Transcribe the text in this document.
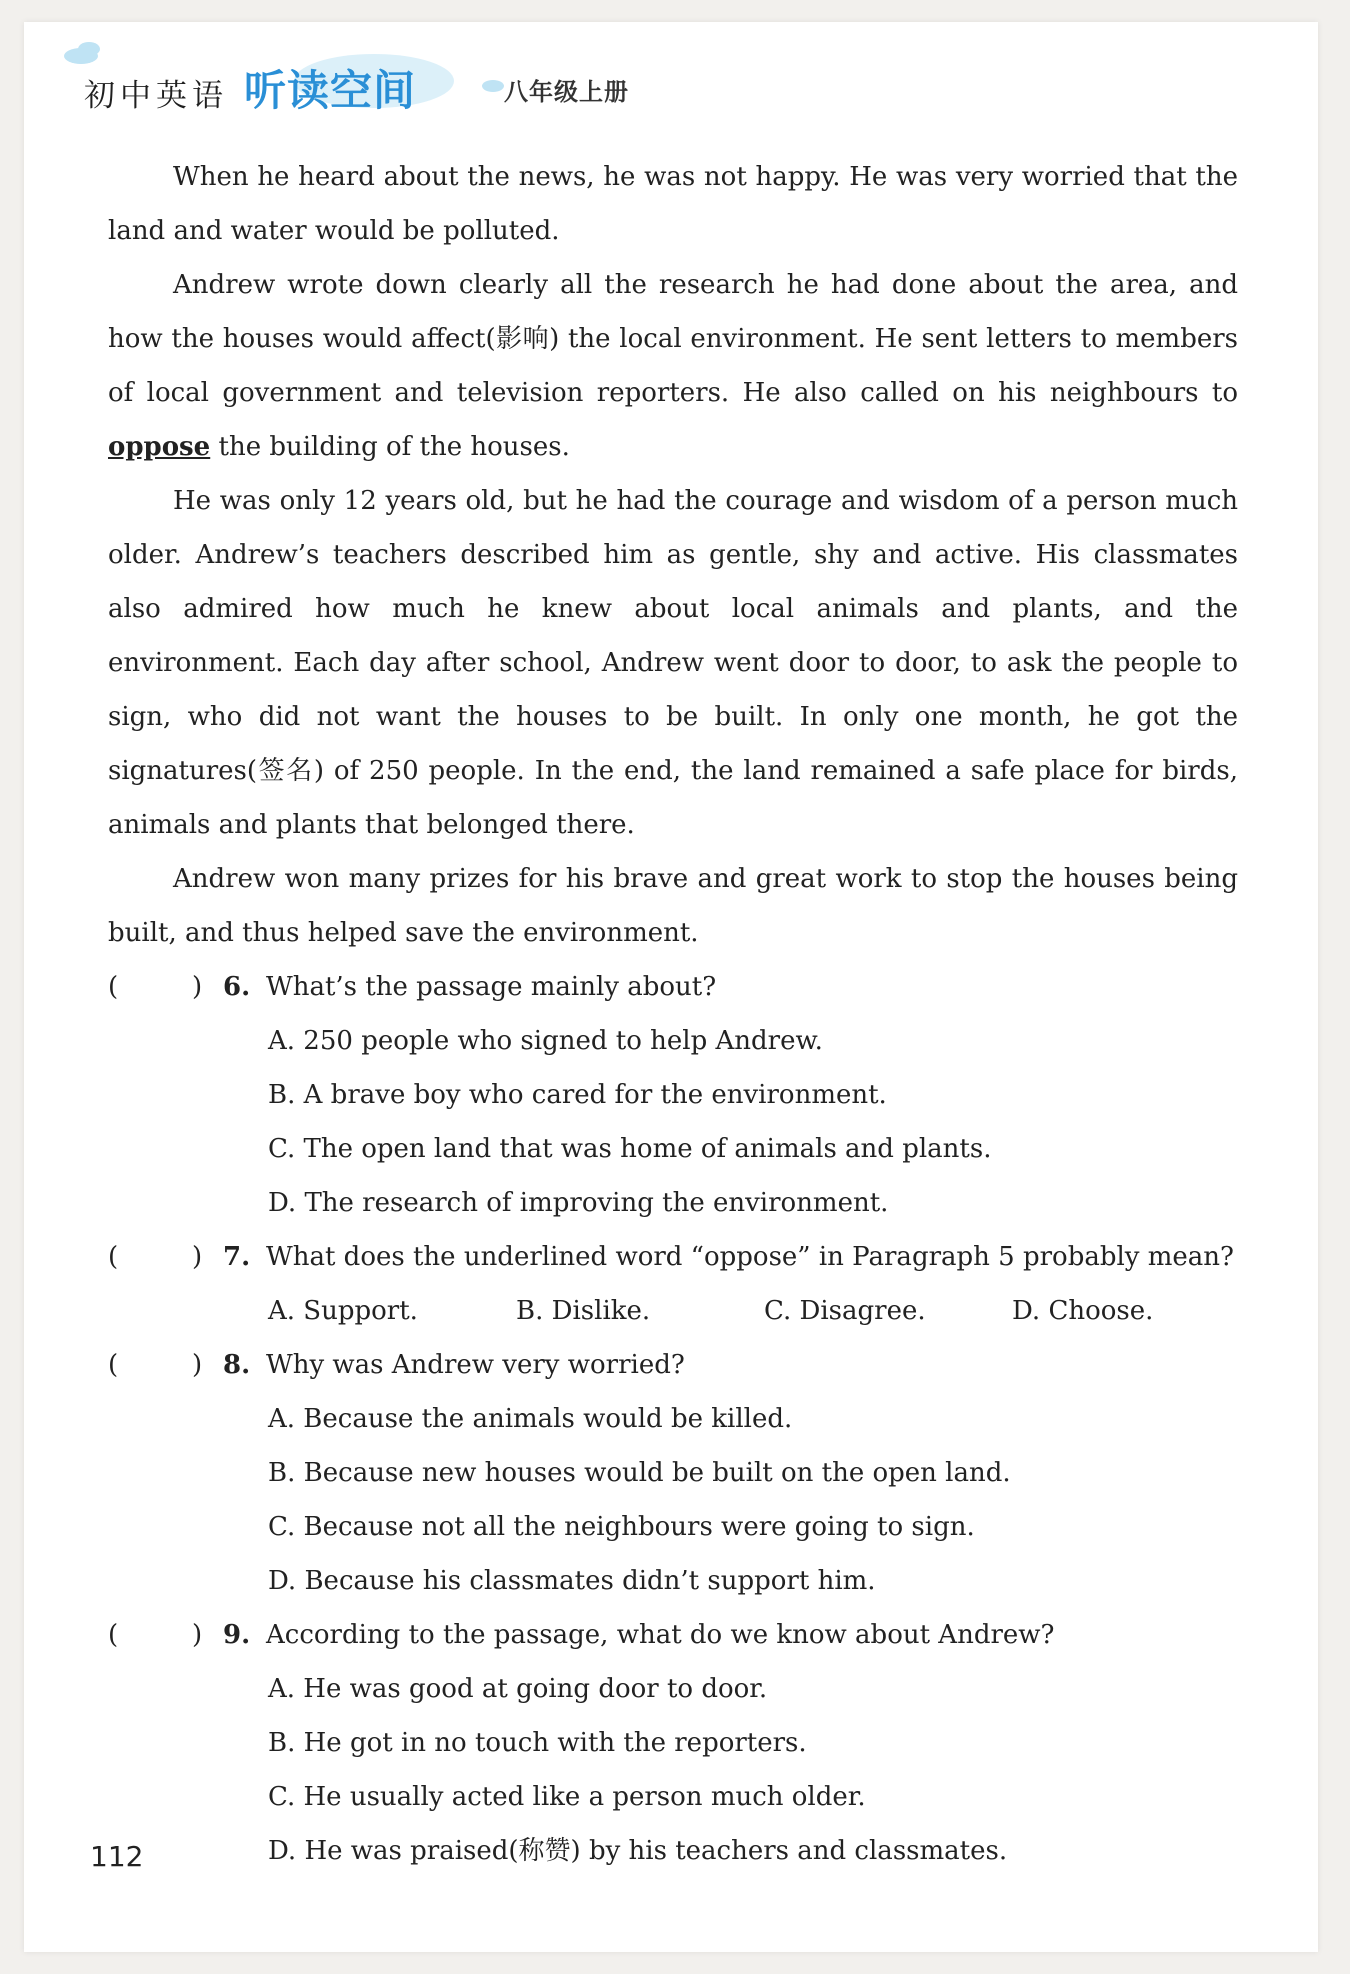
初中英语 听读空间	八年级上册

When he heard about the news, he was not happy. He was very worried that the land and water would be polluted.

Andrew wrote down clearly all the research he had done about the area, and how the houses would affect(影响) the local environment. He sent letters to members of local government and television reporters. He also called on his neighbours to oppose the building of the houses.

He was only 12 years old, but he had the courage and wisdom of a person much older. Andrew’s teachers described him as gentle, shy and active. His classmates also admired how much he knew about local animals and plants, and the environment. Each day after school, Andrew went door to door, to ask the people to sign, who did not want the houses to be built. In only one month, he got the signatures(签名) of 250 people. In the end, the land remained a safe place for birds, animals and plants that belonged there.

Andrew won many prizes for his brave and great work to stop the houses being built, and thus helped save the environment.

(	) 6. What’s the passage mainly about?
A. 250 people who signed to help Andrew.
B. A brave boy who cared for the environment.
C. The open land that was home of animals and plants.
D. The research of improving the environment.
(	) 7. What does the underlined word “oppose” in Paragraph 5 probably mean?
A. Support.	B. Dislike.	C. Disagree.	D. Choose.
(	) 8. Why was Andrew very worried?
A. Because the animals would be killed.
B. Because new houses would be built on the open land.
C. Because not all the neighbours were going to sign.
D. Because his classmates didn’t support him.
(	) 9. According to the passage, what do we know about Andrew?
A. He was good at going door to door.
B. He got in no touch with the reporters.
C. He usually acted like a person much older.
D. He was praised(称赞) by his teachers and classmates.
112
